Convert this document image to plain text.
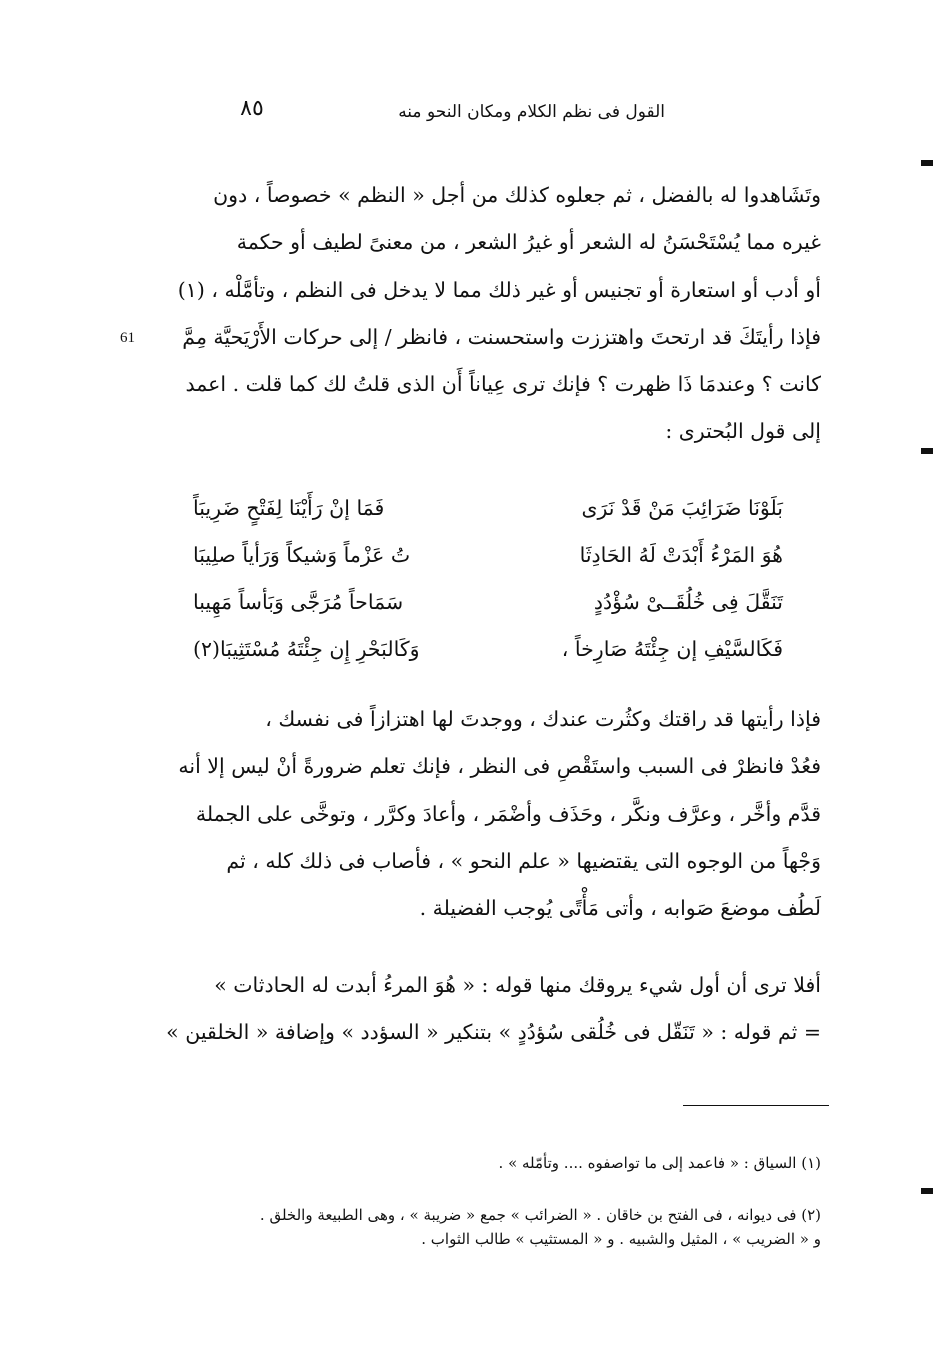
القول فى نظم الكلام ومكان النحو منه
٨٥
61
وتَشَاهدوا له بالفضل ، ثم جعلوه كذلك من أجل « النظم » خصوصاً ، دون
غيره مما يُسْتَحْسَنُ له الشعر أو غيرُ الشعر ، من معنىً لطيف أو حكمة
أو أدب أو استعارة أو تجنيس أو غير ذلك مما لا يدخل فى النظم ، وتأمَّلْه ، (١)
فإذا رأيتَكَ قد ارتحتَ واهتززت واستحسنت ، فانظر / إلى حركات الأَرْيَحيَّة مِمَّ
كانت ؟ وعندمَا ذَا ظهرت ؟ فإنك ترى عِياناً أَن الذى قلتُ لك كما قلت . اعمد
إلى قول البُحترى :
بَلَوْنَا ضَرَائِبَ مَنْ قَدْ نَرَى
فَمَا إنْ رَأَيْنَا لِفَتْحٍ ضَرِيبَاً
هُوَ المَرْءُ أَبْدَتْ لَهُ الحَادِثَا
تُ عَزْماً وَشيكاً وَرَأياً صلِيبَا
تَنَقَّلَ فِى خُلُقَــىْ سُؤْدُدٍ
سَمَاحاً مُرَجَّى وَبَأساً مَهِيبا
فَكَالسَّيْفِ إن جِئْتَهُ صَارِخاً ،
وَكَالبَحْرِ إِن جِئْتَهُ مُسْتَثِيبَا(٢)
فإذا رأيتها قد راقتك وكثُرت عندك ، ووجدتَ لها اهتزازاً فى نفسك ،
فعُدْ فانظرْ فى السبب واستَقْصِ فى النظر ، فإنك تعلم ضرورةً أنْ ليس إلا أنه
قدَّم وأخَّر ، وعرَّف ونكَّر ، وحَذَف وأضْمَر ، وأعادَ وكرَّر ، وتوخَّى على الجملة
وَجْهاً من الوجوه التى يقتضيها « علم النحو » ، فأصاب فى ذلك كله ، ثم
لَطُف موضعَ صَوابه ، وأتى مَأْتًى يُوجب الفضيلة .
أفلا ترى أن أول شيء يروقك منها قوله : « هُوَ المرءُ أبدت له الحادثات »
= ثم قوله : « تَنَقّل فى خُلُقى سُؤدُدٍ » بتنكير « السؤدد » وإضافة « الخلقين »
(١) السياق : « فاعمد إلى ما تواصفوه .... وتأمّله » .
(٢) فى ديوانه ، فى الفتح بن خاقان . « الضرائب » جمع « ضريبة » ، وهى الطبيعة والخلق .
و « الضريب » ، المثيل والشبيه . و « المستثيب » طالب الثواب .
